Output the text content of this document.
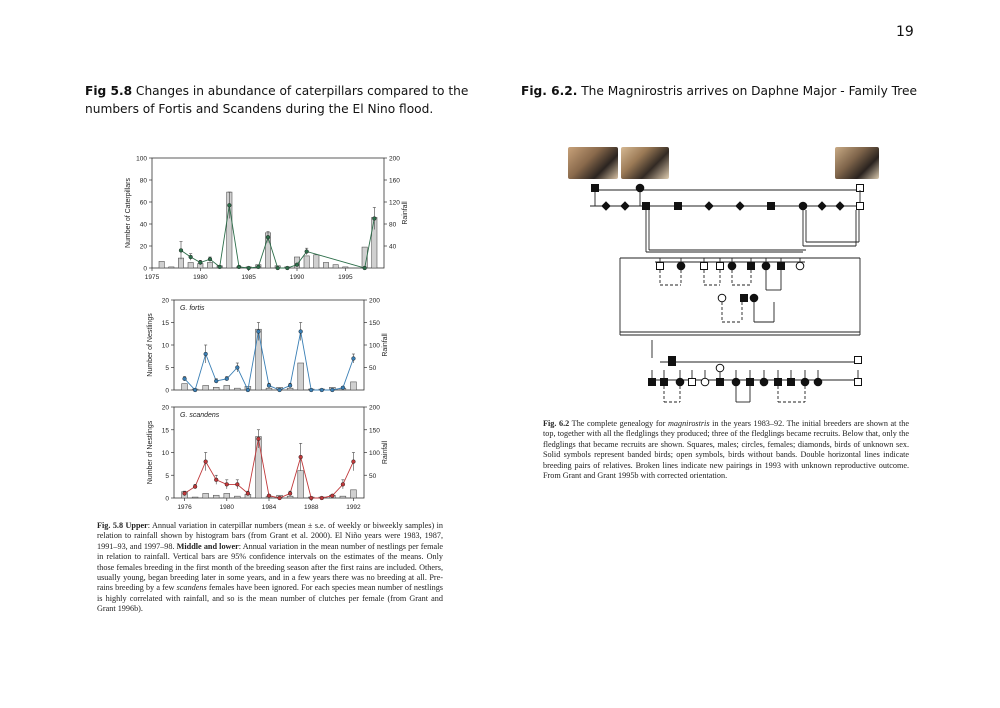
19
Fig 5.8 Changes in abundance of caterpillars compared to the numbers of Fortis and Scandens during the El Nino flood.
Fig. 6.2. The Magnirostris arrives on Daphne Major - Family Tree
0
20
40
60
80
100
40
80
120
160
200
1975	1980	1985	1990	1995
Number of Caterpillars	Rainfall
0
5
10
15
20
50
100
150
200
Number of Nestlings	Rainfall
G. fortis
0
5
10
15
20
50
100
150
200
1976	1980	1984	1988	1992
Number of Nestlings	Rainfall
G. scandens
Fig. 5.8 Upper: Annual variation in caterpillar numbers (mean ± s.e. of weekly or biweekly samples) in relation to rainfall shown by histogram bars (from Grant et al. 2000). El Niño years were 1983, 1987, 1991–93, and 1997–98. Middle and lower: Annual variation in the mean number of nestlings per female in relation to rainfall. Vertical bars are 95% confidence intervals on the estimates of the means. Only those females breeding in the first month of the breeding season after the first rains are included. Others, usually young, began breeding later in some years, and in a few years there was no breeding at all. Pre-rains breeding by a few scandens females have been ignored. For each species mean number of nestlings is highly correlated with rainfall, and so is the mean number of clutches per female (from Grant and Grant 1996b).
Fig. 6.2 The complete genealogy for magnirostris in the years 1983–92. The initial breeders are shown at the top, together with all the fledglings they produced; three of the fledglings became recruits. Below that, only the fledglings that became recruits are shown. Squares, males; circles, females; diamonds, birds of unknown sex. Solid symbols represent banded birds; open symbols, birds without bands. Double horizontal lines indicate breeding pairs of relatives. Broken lines indicate new pairings in 1993 with unknown reproductive outcome. From Grant and Grant 1995b with corrected orientation.
